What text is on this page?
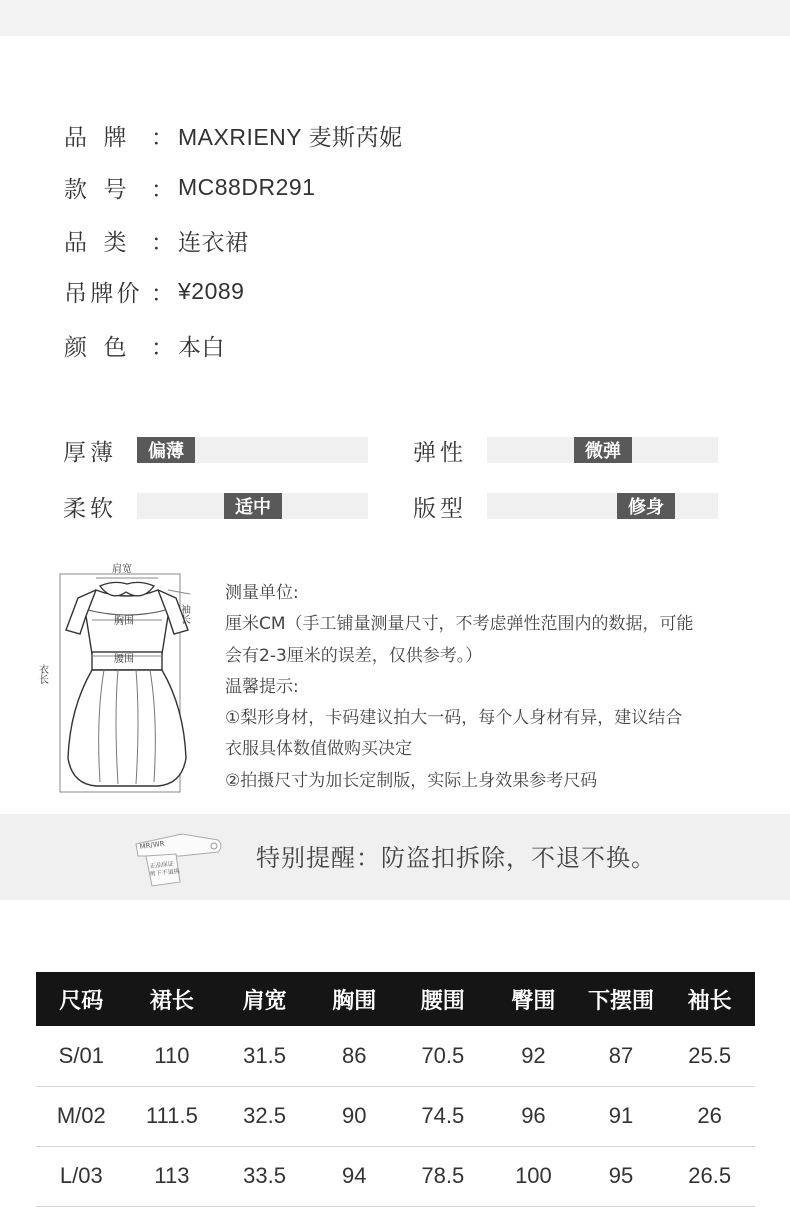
品 牌 ： MAXRIENY 麦斯芮妮
款 号 ： MC88DR291
品 类 ： 连衣裙
吊 牌 价 ： ¥2089
颜 色 ： 本白
厚薄	偏薄	弹性	微弹
柔软	适中	版型	修身
肩宽
袖长
胸围
腰围
衣长
测量单位:
厘米CM（手工铺量测量尺寸，不考虑弹性范围内的数据，可能
会有2-3厘米的误差，仅供参考。）
温馨提示:
①梨形身材，卡码建议拍大一码，每个人身材有异，建议结合
衣服具体数值做购买决定
②拍摄尺寸为加长定制版，实际上身效果参考尺码
MR/WR
正品保证
剪下不退换
特别提醒：防盗扣拆除，不退不换。
尺码	裙长	肩宽	胸围	腰围	臀围	下摆围	袖长
S/01	110	31.5	86	70.5	92	87	25.5
M/02	111.5	32.5	90	74.5	96	91	26
L/03	113	33.5	94	78.5	100	95	26.5
